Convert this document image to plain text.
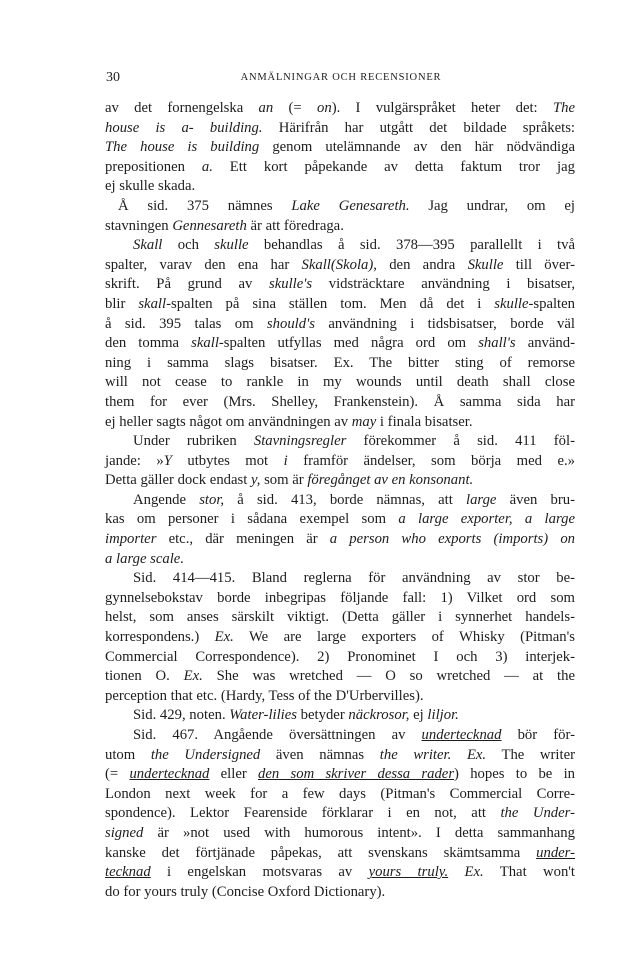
30	ANMÄLNINGAR OCH RECENSIONER
av det fornengelska an (= on). I vulgärspråket heter det: The
house is a- building. Härifrån har utgått det bildade språkets:
The house is building genom utelämnande av den här nödvändiga
prepositionen a. Ett kort påpekande av detta faktum tror jag
ej skulle skada.
Å sid. 375 nämnes Lake Genesareth. Jag undrar, om ej
stavningen Gennesareth är att föredraga.
Skall och skulle behandlas å sid. 378—395 parallellt i två
spalter, varav den ena har Skall(Skola), den andra Skulle till över-
skrift. På grund av skulle's vidsträcktare användning i bisatser,
blir skall-spalten på sina ställen tom. Men då det i skulle-spalten
å sid. 395 talas om should's användning i tidsbisatser, borde väl
den tomma skall-spalten utfyllas med några ord om shall's använd-
ning i samma slags bisatser. Ex. The bitter sting of remorse
will not cease to rankle in my wounds until death shall close
them for ever (Mrs. Shelley, Frankenstein). Å samma sida har
ej heller sagts något om användningen av may i finala bisatser.
Under rubriken Stavningsregler förekommer å sid. 411 föl-
jande: »Y utbytes mot i framför ändelser, som börja med e.»
Detta gäller dock endast y, som är föregånget av en konsonant.
Angende stor, å sid. 413, borde nämnas, att large även bru-
kas om personer i sådana exempel som a large exporter, a large
importer etc., där meningen är a person who exports (imports) on
a large scale.
Sid. 414—415. Bland reglerna för användning av stor be-
gynnelsebokstav borde inbegripas följande fall: 1) Vilket ord som
helst, som anses särskilt viktigt. (Detta gäller i synnerhet handels-
korrespondens.) Ex. We are large exporters of Whisky (Pitman's
Commercial Correspondence). 2) Pronominet I och 3) interjek-
tionen O. Ex. She was wretched — O so wretched — at the
perception that etc. (Hardy, Tess of the D'Urbervilles).
Sid. 429, noten. Water-lilies betyder näckrosor, ej liljor.
Sid. 467. Angående översättningen av undertecknad bör för-
utom the Undersigned även nämnas the writer. Ex. The writer
(= undertecknad eller den som skriver dessa rader) hopes to be in
London next week for a few days (Pitman's Commercial Corre-
spondence). Lektor Fearenside förklarar i en not, att the Under-
signed är »not used with humorous intent». I detta sammanhang
kanske det förtjänade påpekas, att svenskans skämtsamma under-
tecknad i engelskan motsvaras av yours truly. Ex. That won't
do for yours truly (Concise Oxford Dictionary).
